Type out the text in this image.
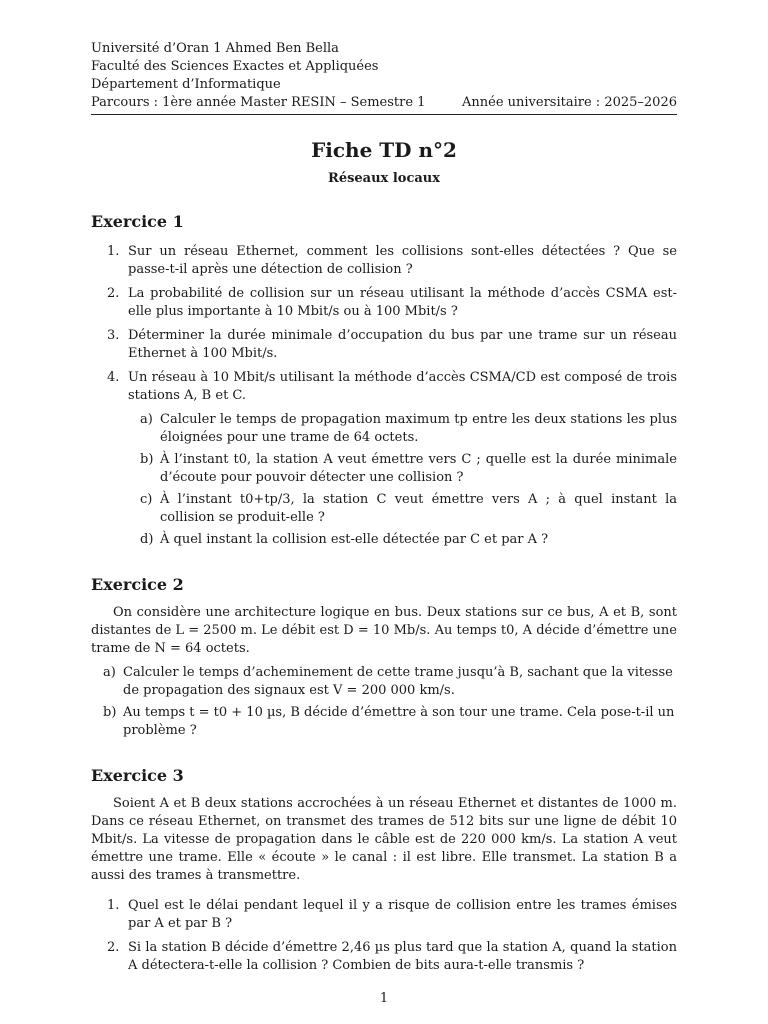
Université d’Oran 1 Ahmed Ben Bella
Faculté des Sciences Exactes et Appliquées
Département d’Informatique
Parcours : 1ère année Master RESIN – Semestre 1	Année universitaire : 2025–2026
Fiche TD n°2
Réseaux locaux
Exercice 1
1. Sur un réseau Ethernet, comment les collisions sont-elles détectées ? Que se passe-t-il après une détection de collision ?
2. La probabilité de collision sur un réseau utilisant la méthode d’accès CSMA est-elle plus importante à 10 Mbit/s ou à 100 Mbit/s ?
3. Déterminer la durée minimale d’occupation du bus par une trame sur un réseau Ethernet à 100 Mbit/s.
4. Un réseau à 10 Mbit/s utilisant la méthode d’accès CSMA/CD est composé de trois stations A, B et C.
a) Calculer le temps de propagation maximum tp entre les deux stations les plus éloignées pour une trame de 64 octets.
b) À l’instant t0, la station A veut émettre vers C ; quelle est la durée minimale d’écoute pour pouvoir détecter une collision ?
c) À l’instant t0+tp/3, la station C veut émettre vers A ; à quel instant la collision se produit-elle ?
d) À quel instant la collision est-elle détectée par C et par A ?
Exercice 2
On considère une architecture logique en bus. Deux stations sur ce bus, A et B, sont distantes de L = 2500 m. Le débit est D = 10 Mb/s. Au temps t0, A décide d’émettre une trame de N = 64 octets.
a) Calculer le temps d’acheminement de cette trame jusqu’à B, sachant que la vitesse de propagation des signaux est V = 200 000 km/s.
b) Au temps t = t0 + 10 µs, B décide d’émettre à son tour une trame. Cela pose-t-il un problème ?
Exercice 3
Soient A et B deux stations accrochées à un réseau Ethernet et distantes de 1000 m. Dans ce réseau Ethernet, on transmet des trames de 512 bits sur une ligne de débit 10 Mbit/s. La vitesse de propagation dans le câble est de 220 000 km/s. La station A veut émettre une trame. Elle « écoute » le canal : il est libre. Elle transmet. La station B a aussi des trames à transmettre.
1. Quel est le délai pendant lequel il y a risque de collision entre les trames émises par A et par B ?
2. Si la station B décide d’émettre 2,46 µs plus tard que la station A, quand la station A détectera-t-elle la collision ? Combien de bits aura-t-elle transmis ?
1
